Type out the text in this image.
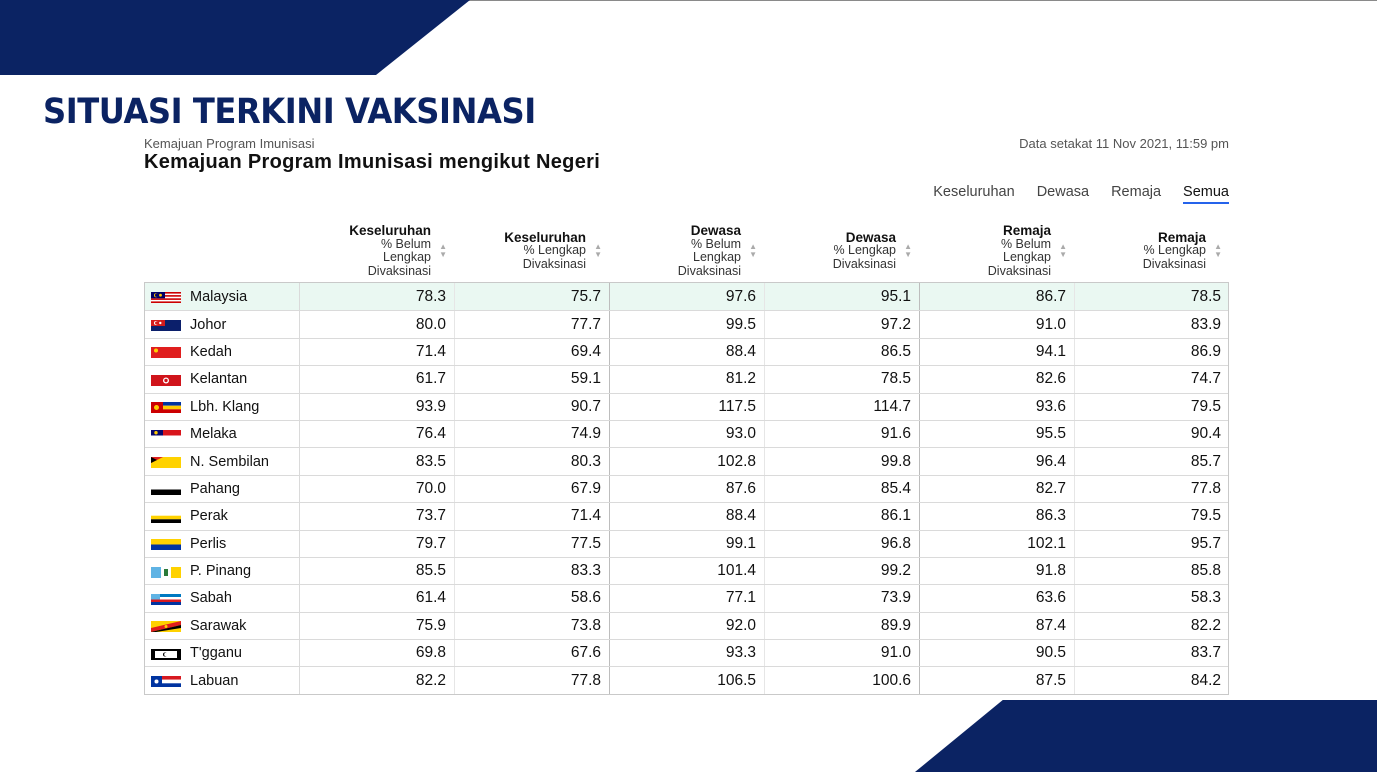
SITUASI TERKINI VAKSINASI
Kemajuan Program Imunisasi
Kemajuan Program Imunisasi mengikut Negeri
Data setakat 11 Nov 2021, 11:59 pm
Keseluruhan Dewasa Remaja Semua
Keseluruhan
% Belum
Lengkap
Divaksinasi
▲
▼
Keseluruhan
% Lengkap
Divaksinasi
▲
▼
Dewasa
% Belum
Lengkap
Divaksinasi
▲
▼
Dewasa
% Lengkap
Divaksinasi
▲
▼
Remaja
% Belum
Lengkap
Divaksinasi
▲
▼
Remaja
% Lengkap
Divaksinasi
▲
▼
Malaysia	78.3	75.7	97.6	95.1	86.7	78.5
Johor	80.0	77.7	99.5	97.2	91.0	83.9
Kedah	71.4	69.4	88.4	86.5	94.1	86.9
Kelantan	61.7	59.1	81.2	78.5	82.6	74.7
Lbh. Klang	93.9	90.7	117.5	114.7	93.6	79.5
Melaka	76.4	74.9	93.0	91.6	95.5	90.4
N. Sembilan	83.5	80.3	102.8	99.8	96.4	85.7
Pahang	70.0	67.9	87.6	85.4	82.7	77.8
Perak	73.7	71.4	88.4	86.1	86.3	79.5
Perlis	79.7	77.5	99.1	96.8	102.1	95.7
P. Pinang	85.5	83.3	101.4	99.2	91.8	85.8
Sabah	61.4	58.6	77.1	73.9	63.6	58.3
Sarawak	75.9	73.8	92.0	89.9	87.4	82.2
T'gganu	69.8	67.6	93.3	91.0	90.5	83.7
Labuan	82.2	77.8	106.5	100.6	87.5	84.2
